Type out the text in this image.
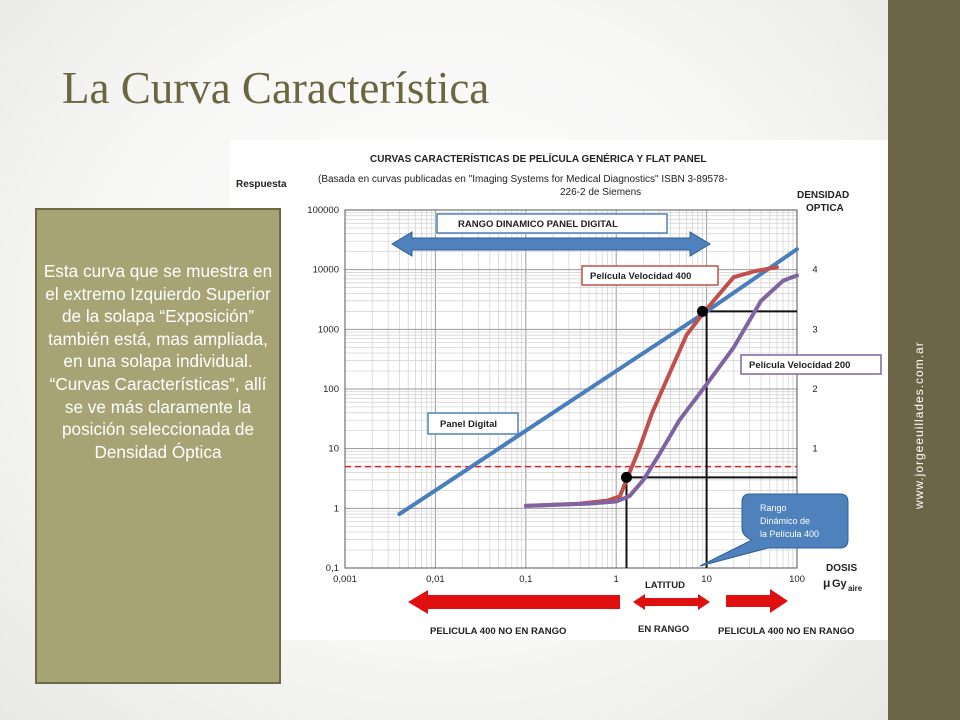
www.jorgeeuillades.com.ar
La Curva Característica
0,1
1
10
100
1000
10000
100000
0,001	0,01	0,1	1	10	100
1
2
3
4
CURVAS CARACTERÍSTICAS DE PELÍCULA GENÉRICA Y FLAT PANEL
(Basada en curvas publicadas en "Imaging Systems for Medical Diagnostics" ISBN 3-89578-
226-2 de Siemens
Respuesta
DENSIDAD
OPTICA
DOSIS
μ Gy aire
RANGO DINAMICO PANEL DIGITAL
Película Velocidad 400
Película Velocidad 200
Panel Digital
Rango
Dinámico de
la Película 400
LATITUD
EN RANGO
PELICULA 400 NO EN RANGO	PELICULA 400 NO EN RANGO

Esta curva que se muestra en el extremo Izquierdo Superior de la solapa “Exposición” también está, mas ampliada, en una solapa individual.

“Curvas Características”, allí se ve más claramente la posición seleccionada de Densidad Óptica
